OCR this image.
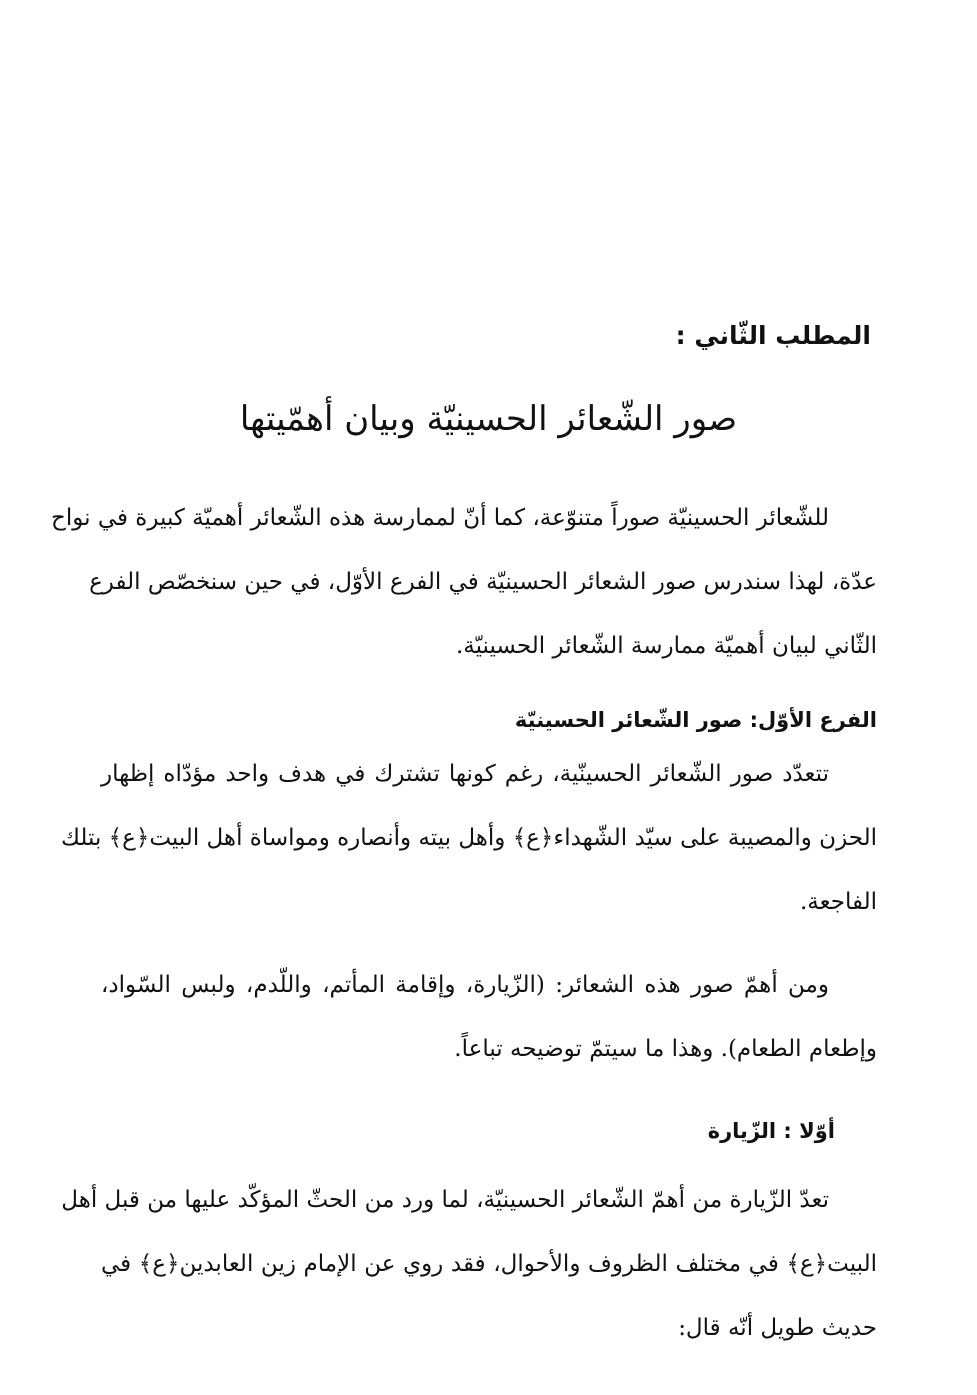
المطلب الثّاني :
صور الشّعائر الحسينيّة وبيان أهمّيتها

للشّعائر الحسينيّة صوراً متنوّعة، كما أنّ لممارسة هذه الشّعائر أهميّة كبيرة في نواح
عدّة، لهذا سندرس صور الشعائر الحسينيّة في الفرع الأوّل، في حين سنخصّص الفرع
الثّاني لبيان أهميّة ممارسة الشّعائر الحسينيّة.

الفرع الأوّل: صور الشّعائر الحسينيّة

تتعدّد صور الشّعائر الحسينّية، رغم كونها تشترك في هدف واحد مؤدّاه إظهار
الحزن والمصيبة على سيّد الشّهداء﴿ع﴾ وأهل بيته وأنصاره ومواساة أهل البيت﴿ع﴾ بتلك
الفاجعة.

ومن أهمّ صور هذه الشعائر: (الزّيارة، وإقامة المأتم، واللّدم، ولبس السّواد،
وإطعام الطعام). وهذا ما سيتمّ توضيحه تباعاً.

أوّلا : الزّيارة

تعدّ الزّيارة من أهمّ الشّعائر الحسينيّة، لما ورد من الحثّ المؤكّد عليها من قبل أهل
البيت﴿ع﴾ في مختلف الظروف والأحوال، فقد روي عن الإمام زين العابدين﴿ع﴾ في
حديث طويل أنّه قال:
